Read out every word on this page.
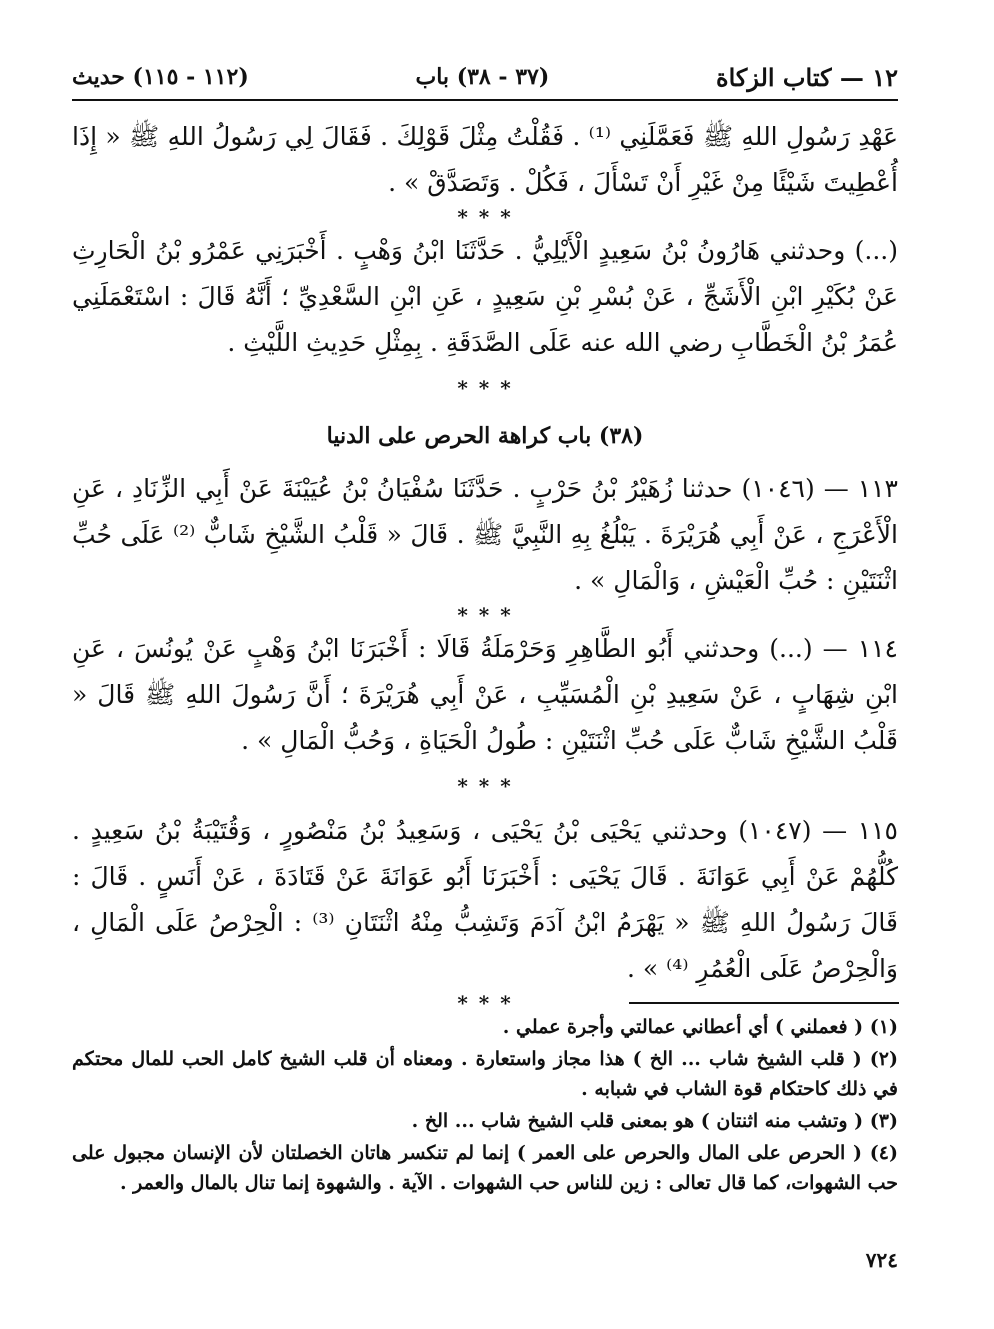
١٢ — كتاب الزكاة
(٣٧ - ٣٨) باب
(١١٢ - ١١٥) حديث

عَهْدِ رَسُولِ اللهِ ﷺ فَعَمَّلَنِي ⁽¹⁾ . فَقُلْتُ مِثْلَ قَوْلِكَ . فَقَالَ لِي رَسُولُ اللهِ ﷺ « إِذَا أُعْطِيتَ شَيْئًا مِنْ غَيْرِ أَنْ تَسْأَلَ ، فَكُلْ . وَتَصَدَّقْ » .

* * *

(...) وحدثني هَارُونُ بْنُ سَعِيدٍ الْأَيْلِيُّ . حَدَّثَنَا ابْنُ وَهْبٍ . أَخْبَرَنِي عَمْرُو بْنُ الْحَارِثِ عَنْ بُكَيْرِ ابْنِ الْأَشَجِّ ، عَنْ بُسْرِ بْنِ سَعِيدٍ ، عَنِ ابْنِ السَّعْدِيِّ ؛ أَنَّهُ قَالَ : اسْتَعْمَلَنِي عُمَرُ بْنُ الْخَطَّابِ رضي الله عنه عَلَى الصَّدَقَةِ . بِمِثْلِ حَدِيثِ اللَّيْثِ .

* * *
(٣٨) باب كراهة الحرص على الدنيا

١١٣ — (١٠٤٦) حدثنا زُهَيْرُ بْنُ حَرْبٍ . حَدَّثَنَا سُفْيَانُ بْنُ عُيَيْنَةَ عَنْ أَبِي الزِّنَادِ ، عَنِ الْأَعْرَجِ ، عَنْ أَبِي هُرَيْرَةَ . يَبْلُغُ بِهِ النَّبِيَّ ﷺ . قَالَ « قَلْبُ الشَّيْخِ شَابٌّ ⁽²⁾ عَلَى حُبِّ اثْنَتَيْنِ : حُبِّ الْعَيْشِ ، وَالْمَالِ » .

* * *

١١٤ — (...) وحدثني أَبُو الطَّاهِرِ وَحَرْمَلَةُ قَالَا : أَخْبَرَنَا ابْنُ وَهْبٍ عَنْ يُونُسَ ، عَنِ ابْنِ شِهَابٍ ، عَنْ سَعِيدِ بْنِ الْمُسَيِّبِ ، عَنْ أَبِي هُرَيْرَةَ ؛ أَنَّ رَسُولَ اللهِ ﷺ قَالَ « قَلْبُ الشَّيْخِ شَابٌّ عَلَى حُبِّ اثْنَتَيْنِ : طُولُ الْحَيَاةِ ، وَحُبُّ الْمَالِ » .

* * *

١١٥ — (١٠٤٧) وحدثني يَحْيَى بْنُ يَحْيَى ، وَسَعِيدُ بْنُ مَنْصُورٍ ، وَقُتَيْبَةُ بْنُ سَعِيدٍ . كُلُّهُمْ عَنْ أَبِي عَوَانَةَ . قَالَ يَحْيَى : أَخْبَرَنَا أَبُو عَوَانَةَ عَنْ قَتَادَةَ ، عَنْ أَنَسٍ . قَالَ : قَالَ رَسُولُ اللهِ ﷺ « يَهْرَمُ ابْنُ آدَمَ وَتَشِبُّ مِنْهُ اثْنَتَانِ ⁽³⁾ : الْحِرْصُ عَلَى الْمَالِ ، وَالْحِرْصُ عَلَى الْعُمُرِ ⁽⁴⁾ » .

* * *

(١) ( فعملني ) أي أعطاني عمالتي وأجرة عملي .

(٢) ( قلب الشيخ شاب ... الخ ) هذا مجاز واستعارة . ومعناه أن قلب الشيخ كامل الحب للمال محتكم في ذلك كاحتكام قوة الشاب في شبابه .

(٣) ( وتشب منه اثنتان ) هو بمعنى قلب الشيخ شاب ... الخ .

(٤) ( الحرص على المال والحرص على العمر ) إنما لم تنكسر هاتان الخصلتان لأن الإنسان مجبول على حب الشهوات، كما قال تعالى : زين للناس حب الشهوات . الآية . والشهوة إنما تنال بالمال والعمر .

٧٢٤
